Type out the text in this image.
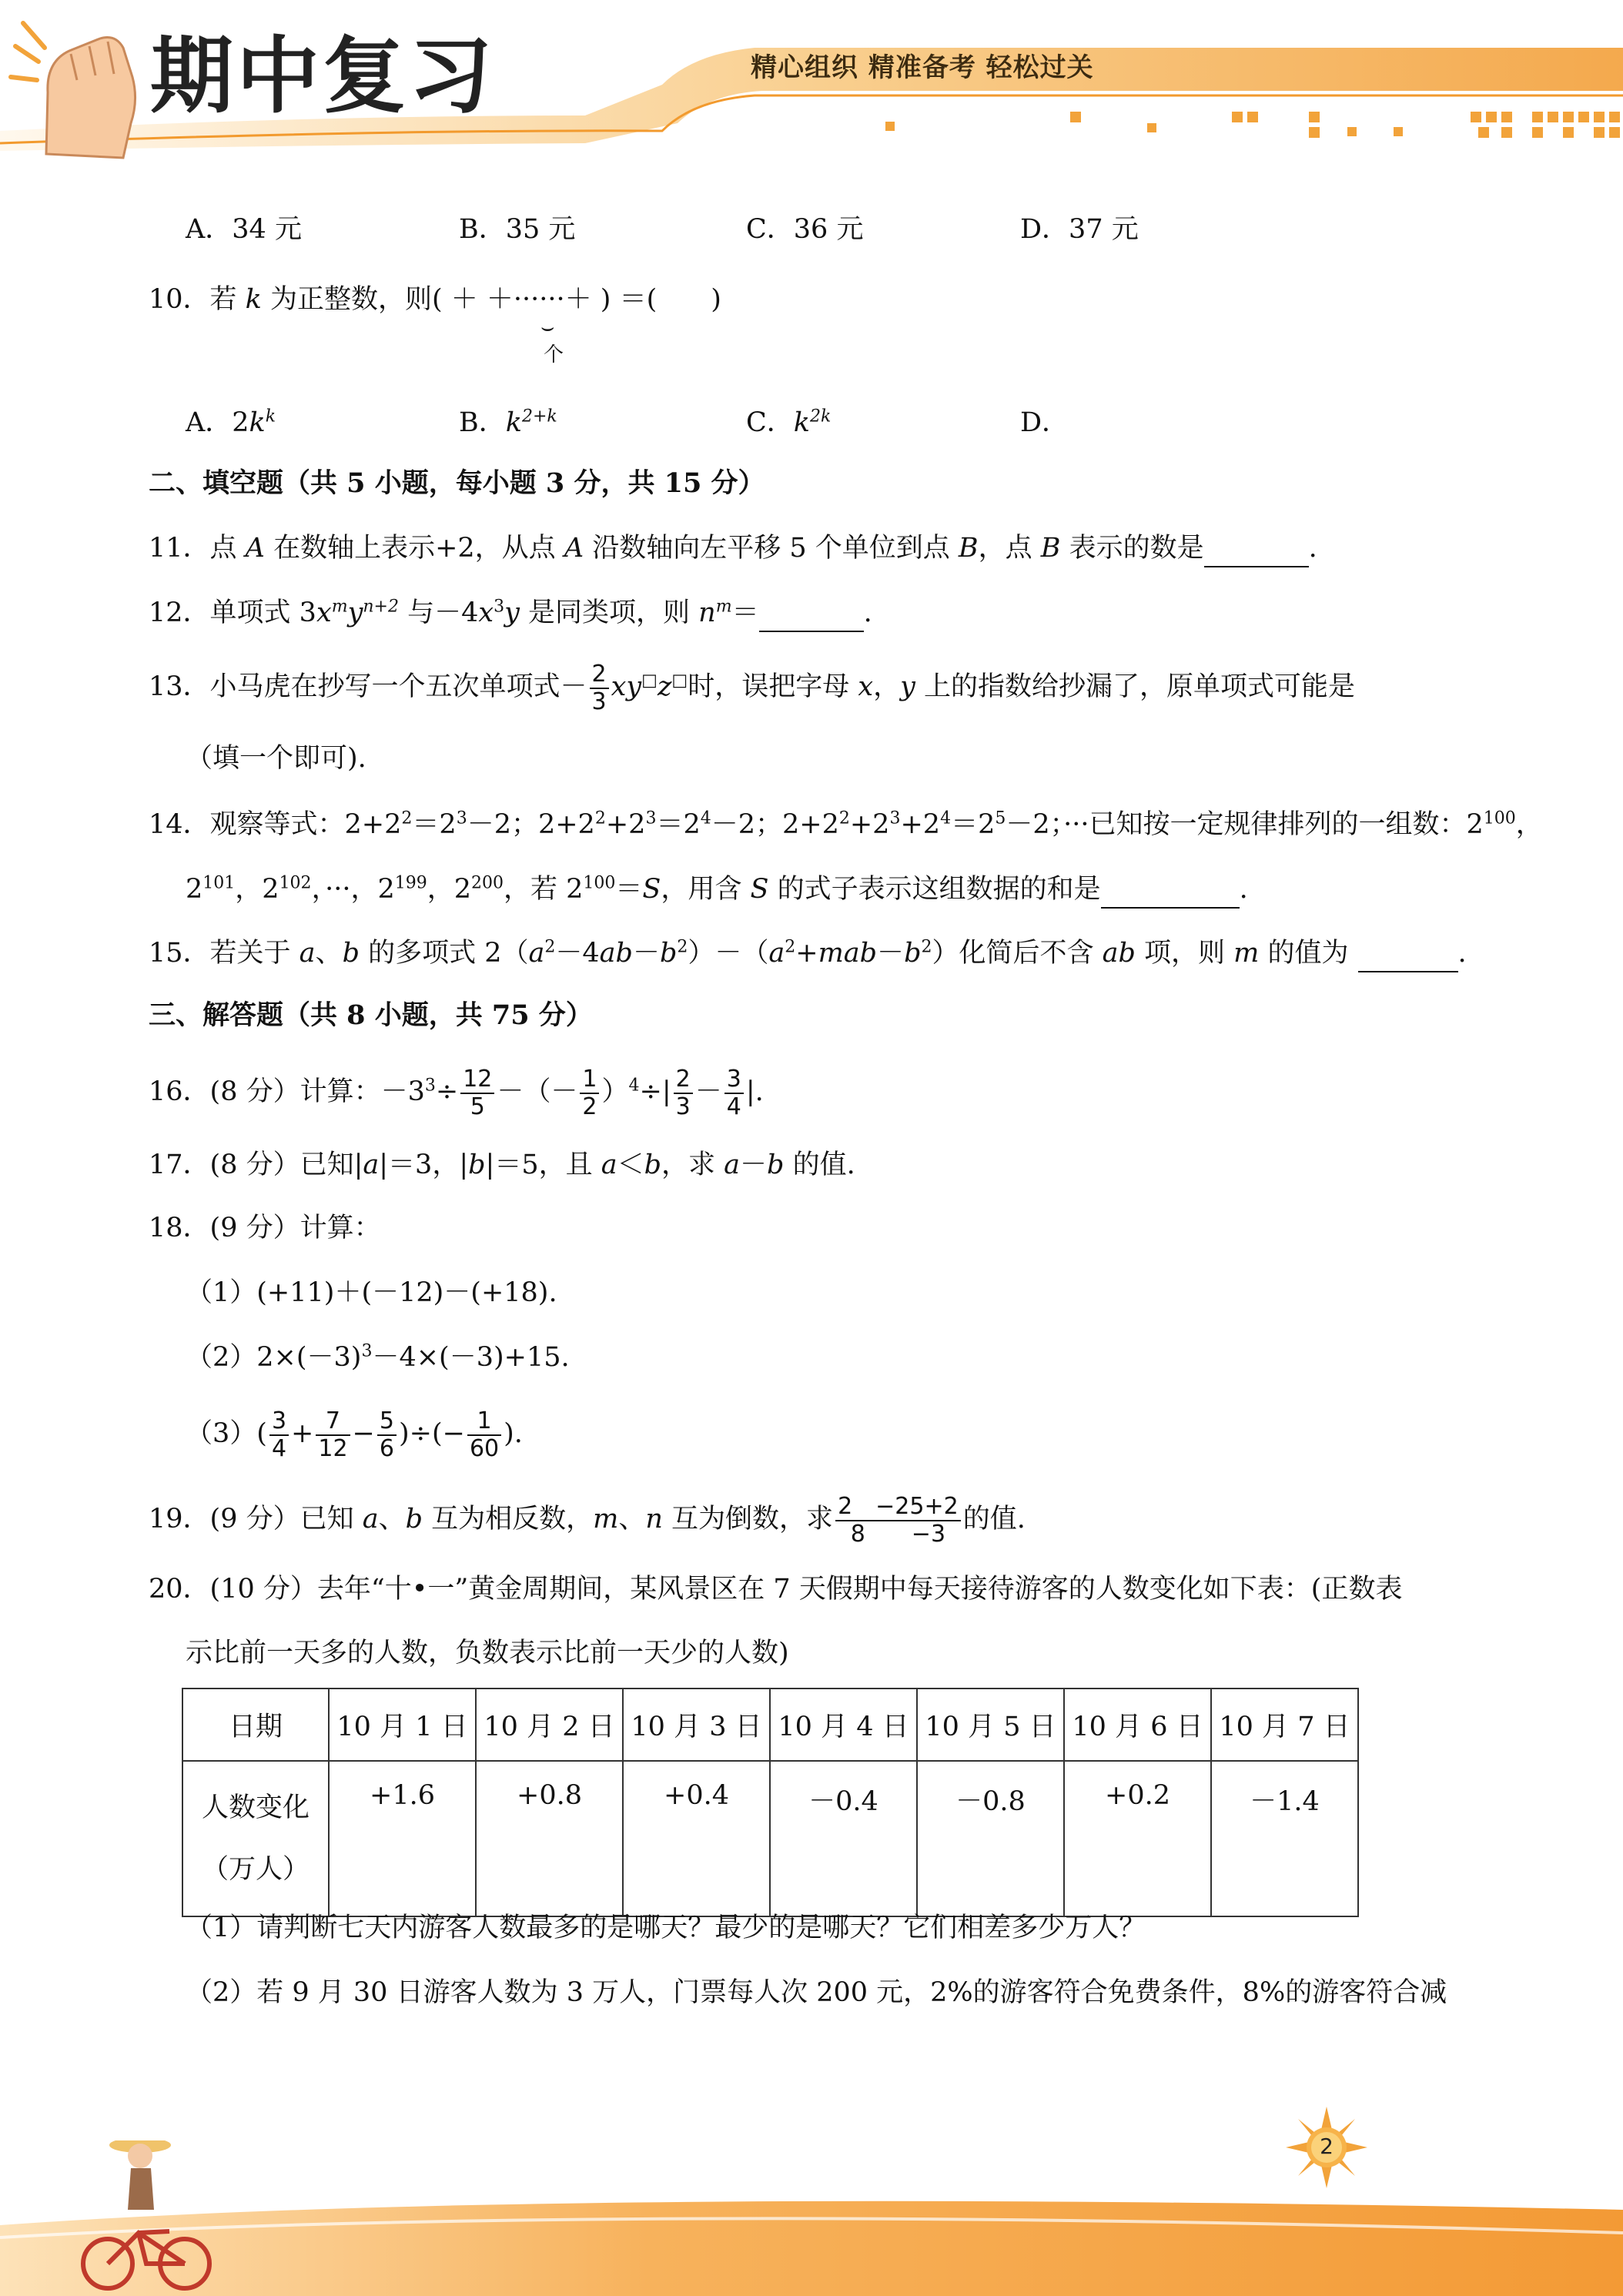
期中复习	精心组织 精准备考 轻松过关
A．34 元	B．35 元	C．36 元	D．37 元
10．若 k 为正整数，则( ＋ ＋······＋ ) ＝(　　)
⌣
个
A．$2k^k$	B．$k^{2+k}$	C．$k^{2k}$	D．
二、填空题（共 5 小题，每小题 3 分，共 15 分）
11．点 A 在数轴上表示+2，从点 A 沿数轴向左平移 5 个单位到点 B，点 B 表示的数是	.
12．单项式 $3x^my^{n+2}$ 与$-4x^3y$ 是同类项，则 $n^m=$	.
13．小马虎在抄写一个五次单项式－ $\frac{2}{3} xy^□z^□$时，误把字母 x，y 上的指数给抄漏了，原单项式可能是
（填一个即可).
14．观察等式：$2+2^2=2^3-2$；$2+2^2+2^3=2^4-2$；$2+2^2+2^3+2^4=2^5-2$；···已知按一定规律排列的一组数：$2^{100}$，
$2^{101}$，$2^{102}$，···，$2^{199}$，$2^{200}$，若 $2^{100}=S$，用含 S 的式子表示这组数据的和是	.
15．若关于 a、b 的多项式 $2(a^2-4ab-b^2)-(a^2+mab-b^2)$化简后不含 ab 项，则 m 的值为	.
三、解答题（共 8 小题，共 75 分）
16．(8 分）计算：$-3^3\div \frac{12}{5}$ －（－ $\frac{1}{2} )^4\div| \frac{2}{3} - \frac{3}{4}$ |.
17．(8 分）已知|a|＝3，|b|＝5，且 a＜b，求 a－b 的值.
18．(9 分）计算：
（1）(+11)＋(－12)－(+18).
$(2)2\times(-3)^3-4\times(-3)+15$.
$(3)( \frac{3}{4} + \frac{7}{12} - \frac{5}{6}$ )÷(− $\frac{1}{60}$ ).
19．(9 分）已知 a、b 互为相反数，m、n 互为倒数，求 $\frac{2 -25+2}{8 -3}$ 的值.
20．(10 分）去年“十•一”黄金周期间，某风景区在 7 天假期中每天接待游客的人数变化如下表：(正数表
示比前一天多的人数，负数表示比前一天少的人数)
日期	10 月 1 日	10 月 2 日	10 月 3 日	10 月 4 日	10 月 5 日	10 月 6 日	10 月 7 日
人数变化
（万人）	+1.6	+0.8	+0.4	－0.4	－0.8	+0.2	－1.4
（1）请判断七天内游客人数最多的是哪天？最少的是哪天？它们相差多少万人？
（2）若 9 月 30 日游客人数为 3 万人，门票每人次 200 元，2%的游客符合免费条件，8%的游客符合减
2
